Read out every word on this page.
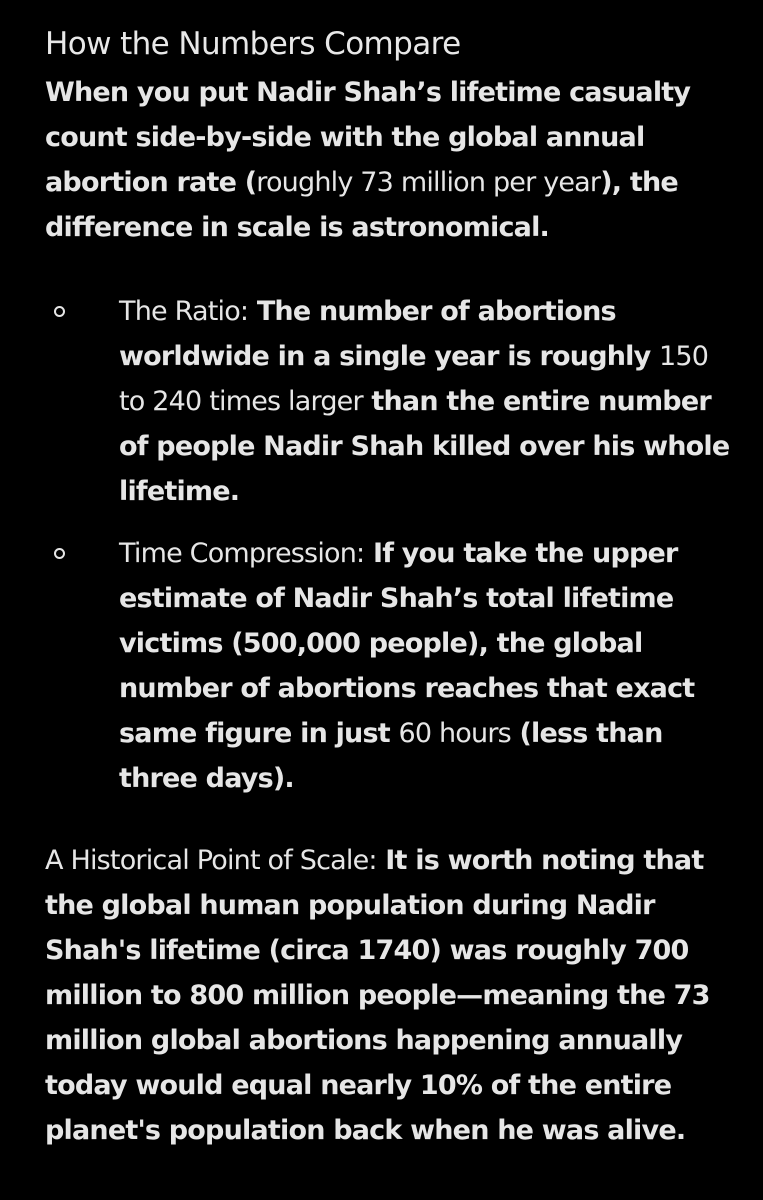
How the Numbers Compare

When you put Nadir Shah’s lifetime casualty count side-by-side with the global annual abortion rate (roughly 73 million per year), the difference in scale is astronomical.

The Ratio: The number of abortions worldwide in a single year is roughly 150 to 240 times larger than the entire number of people Nadir Shah killed over his whole lifetime.
Time Compression: If you take the upper estimate of Nadir Shah’s total lifetime victims (500,000 people), the global number of abortions reaches that exact same figure in just 60 hours (less than three days).

A Historical Point of Scale: It is worth noting that the global human population during Nadir Shah's lifetime (circa 1740) was roughly 700 million to 800 million people—meaning the 73 million global abortions happening annually today would equal nearly 10% of the entire planet's population back when he was alive.
